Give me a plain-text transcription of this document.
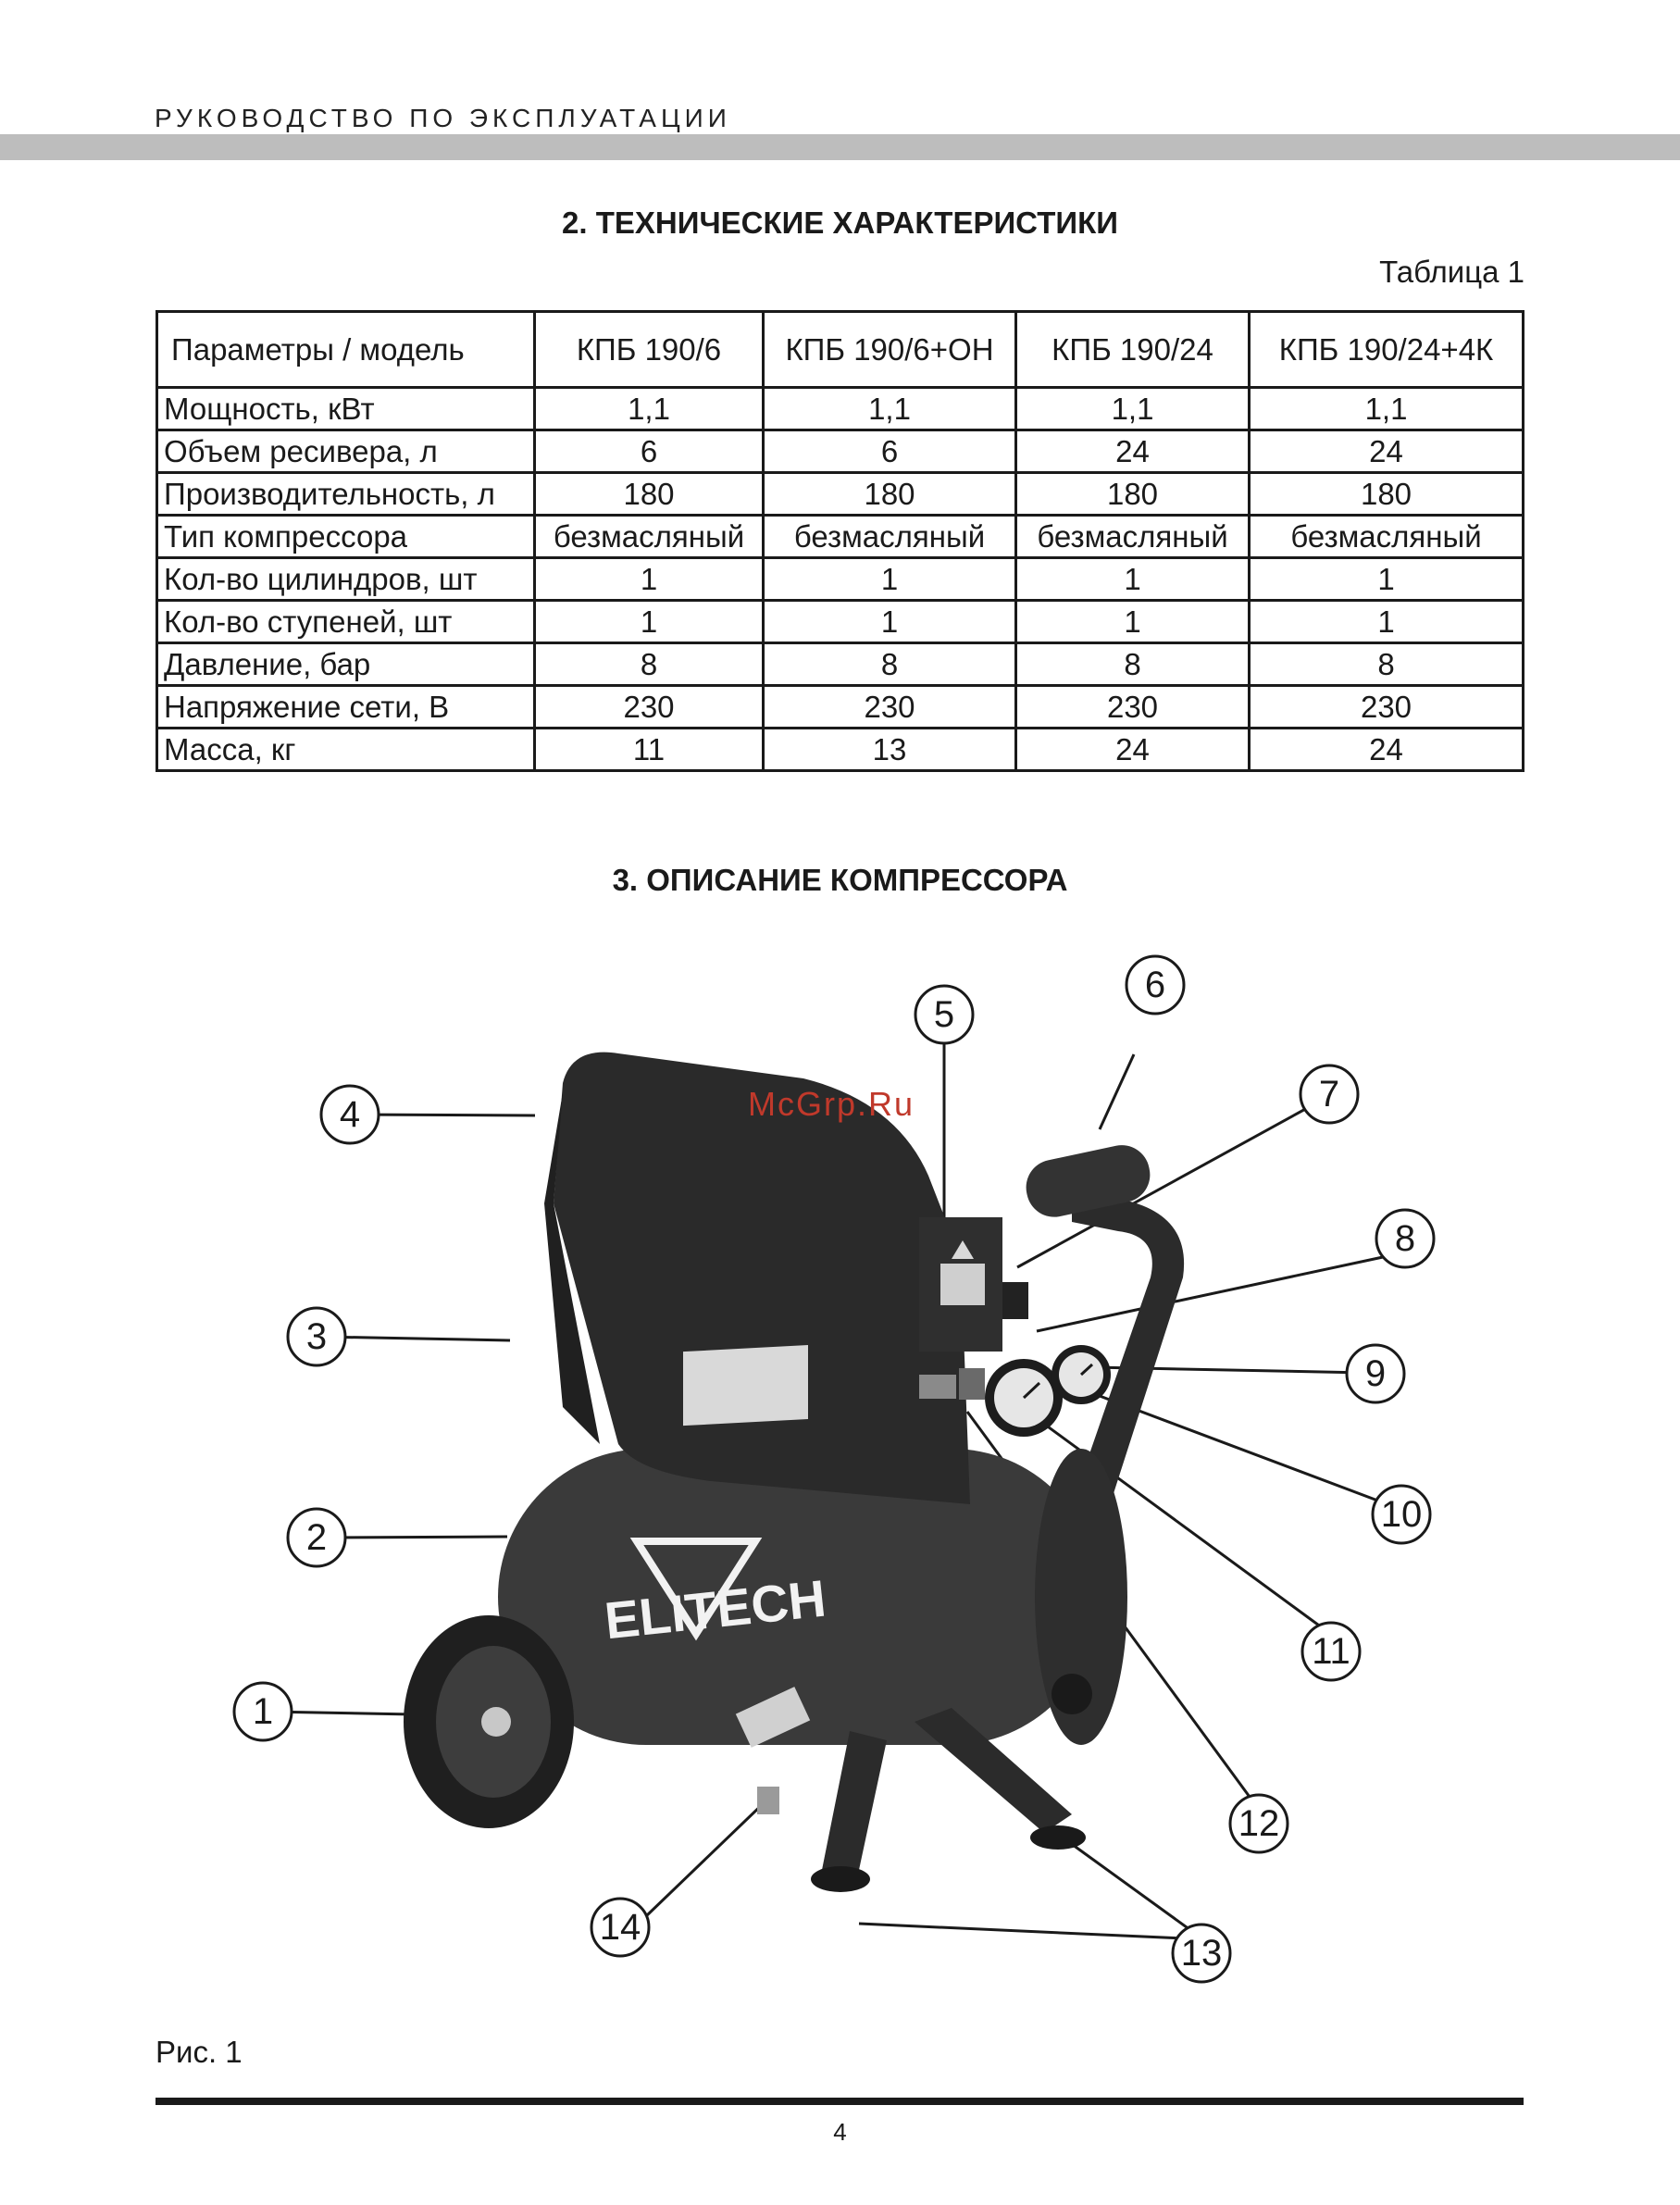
РУКОВОДСТВО ПО ЭКСПЛУАТАЦИИ
2. ТЕХНИЧЕСКИЕ ХАРАКТЕРИСТИКИ
Таблица 1
Параметры / модель	КПБ 190/6	КПБ 190/6+ОН	КПБ 190/24	КПБ 190/24+4К
Мощность, кВт	1,1	1,1	1,1	1,1
Объем ресивера, л	6	6	24	24
Производительность, л	180	180	180	180
Тип компрессора	безмасляный	безмасляный	безмасляный	безмасляный
Кол-во цилиндров, шт	1	1	1	1
Кол-во ступеней, шт	1	1	1	1
Давление, бар	8	8	8	8
Напряжение сети, В	230	230	230	230
Масса, кг	11	13	24	24
3. ОПИСАНИЕ КОМПРЕССОРА
ELITECH
McGrp.Ru
1
2
3
4
5
6
7
8
9
10
11
12
13
14
Рис. 1
4
